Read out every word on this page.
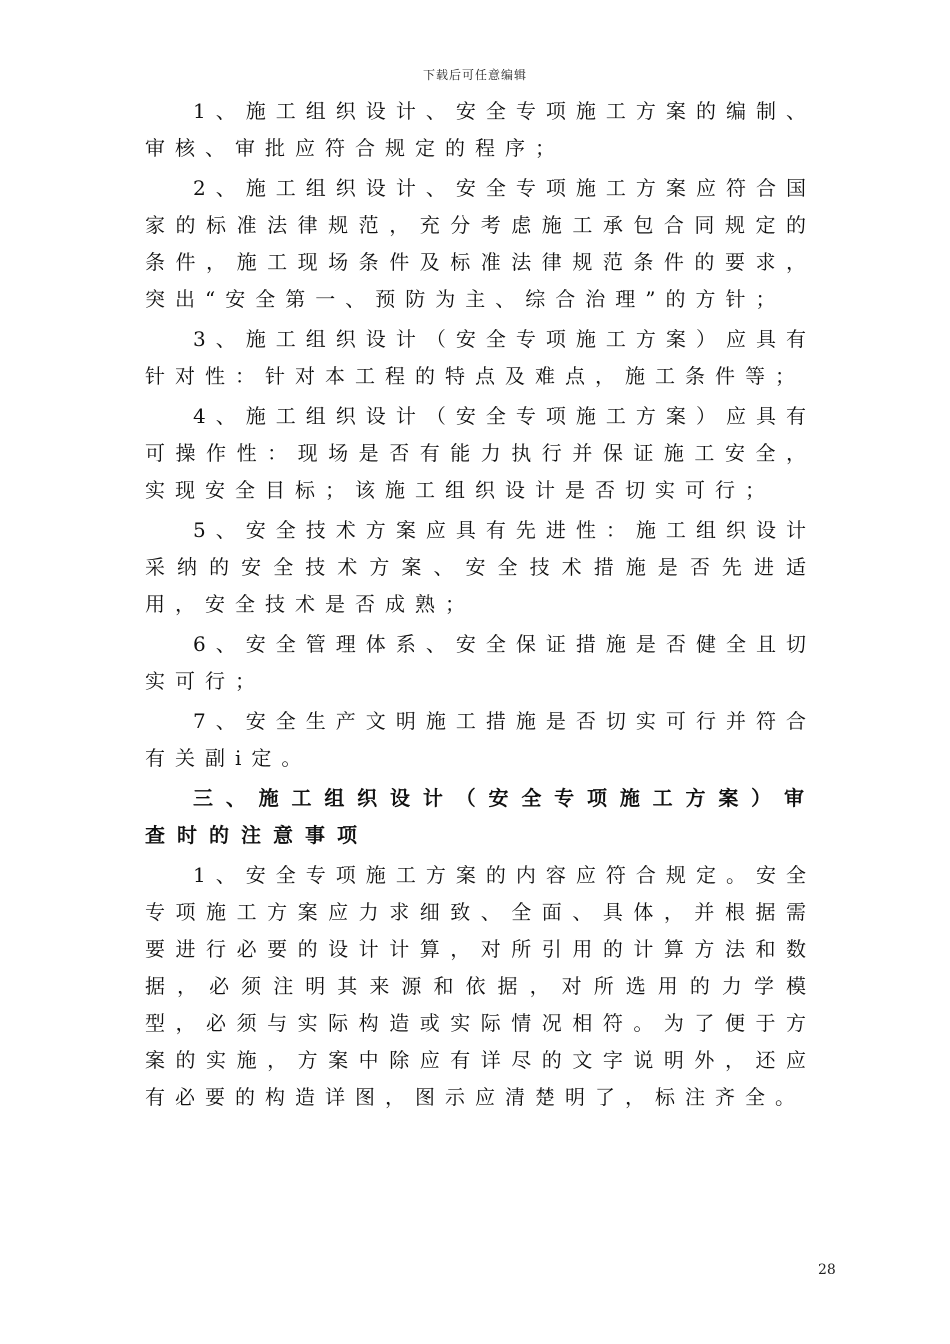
下载后可任意编辑

1、施工组织设计、安全专项施工方案的编制、审核、审批应符合规定的程序；

2、施工组织设计、安全专项施工方案应符合国家的标准法律规范，充分考虑施工承包合同规定的条件，施工现场条件及标准法律规范条件的要求，突出“安全第一、预防为主、综合治理”的方针；

3、施工组织设计（安全专项施工方案）应具有针对性：针对本工程的特点及难点，施工条件等；

4、施工组织设计（安全专项施工方案）应具有可操作性：现场是否有能力执行并保证施工安全，实现安全目标；该施工组织设计是否切实可行；

5、安全技术方案应具有先进性：施工组织设计采纳的安全技术方案、安全技术措施是否先进适用，安全技术是否成熟；

6、安全管理体系、安全保证措施是否健全且切实可行；

7、安全生产文明施工措施是否切实可行并符合有关副i定。

三、施工组织设计（安全专项施工方案）审查时的注意事项

1、安全专项施工方案的内容应符合规定。安全专项施工方案应力求细致、全面、具体，并根据需要进行必要的设计计算，对所引用的计算方法和数据，必须注明其来源和依据，对所选用的力学模型，必须与实际构造或实际情况相符。为了便于方案的实施，方案中除应有详尽的文字说明外，还应有必要的构造详图，图示应清楚明了，标注齐全。

28
